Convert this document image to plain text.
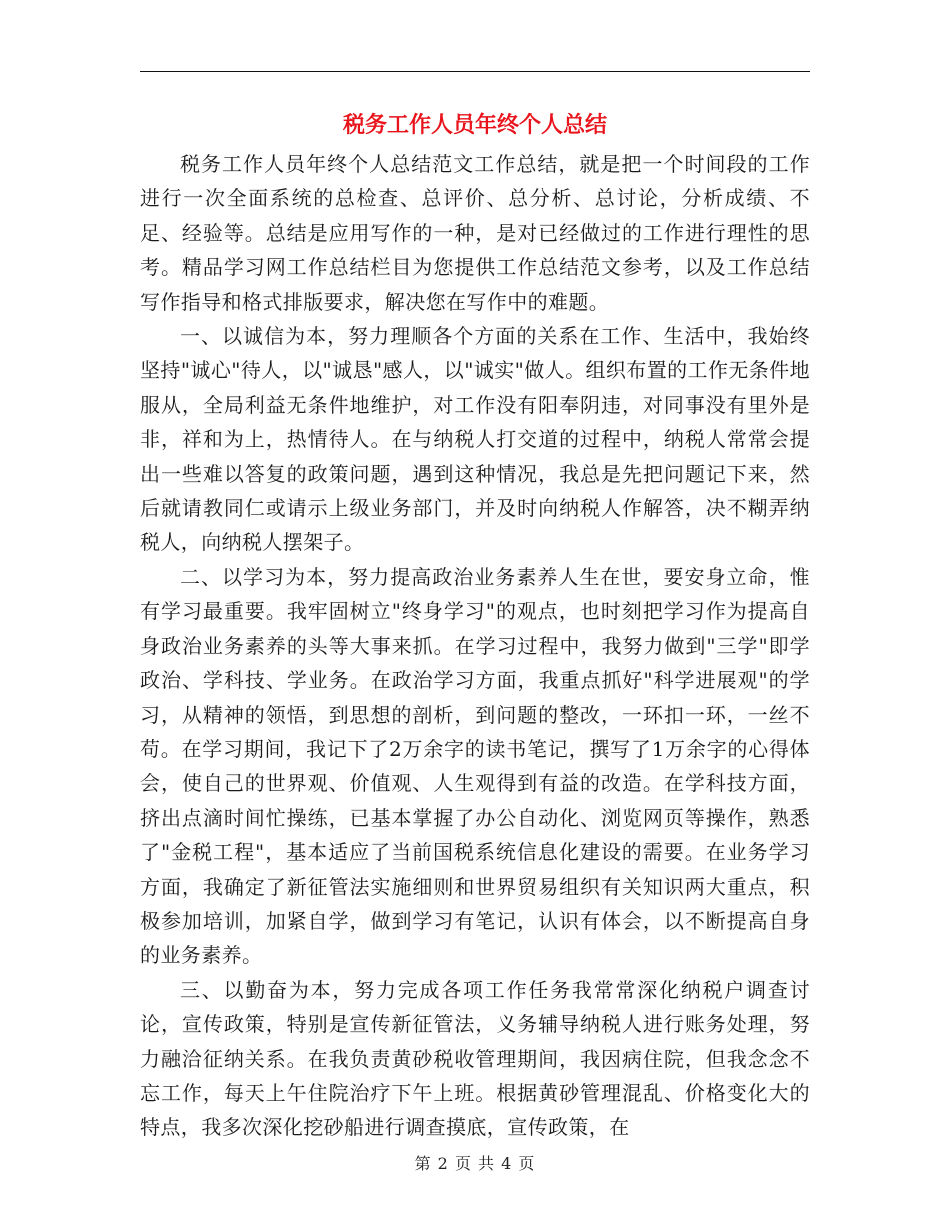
税务工作人员年终个人总结

税务工作人员年终个人总结范文工作总结，就是把一个时间段的工作进行一次全面系统的总检查、总评价、总分析、总讨论，分析成绩、不足、经验等。总结是应用写作的一种，是对已经做过的工作进行理性的思考。精品学习网工作总结栏目为您提供工作总结范文参考，以及工作总结写作指导和格式排版要求，解决您在写作中的难题。

一、以诚信为本，努力理顺各个方面的关系在工作、生活中，我始终坚持"诚心"待人，以"诚恳"感人，以"诚实"做人。组织布置的工作无条件地服从，全局利益无条件地维护，对工作没有阳奉阴违，对同事没有里外是非，祥和为上，热情待人。在与纳税人打交道的过程中，纳税人常常会提出一些难以答复的政策问题，遇到这种情况，我总是先把问题记下来，然后就请教同仁或请示上级业务部门，并及时向纳税人作解答，决不糊弄纳税人，向纳税人摆架子。

二、以学习为本，努力提高政治业务素养人生在世，要安身立命，惟有学习最重要。我牢固树立"终身学习"的观点，也时刻把学习作为提高自身政治业务素养的头等大事来抓。在学习过程中，我努力做到"三学"即学政治、学科技、学业务。在政治学习方面，我重点抓好"科学进展观"的学习，从精神的领悟，到思想的剖析，到问题的整改，一环扣一环，一丝不苟。在学习期间，我记下了2万余字的读书笔记，撰写了1万余字的心得体会，使自己的世界观、价值观、人生观得到有益的改造。在学科技方面，挤出点滴时间忙操练，已基本掌握了办公自动化、浏览网页等操作，熟悉了"金税工程"，基本适应了当前国税系统信息化建设的需要。在业务学习方面，我确定了新征管法实施细则和世界贸易组织有关知识两大重点，积极参加培训，加紧自学，做到学习有笔记，认识有体会，以不断提高自身的业务素养。

三、以勤奋为本，努力完成各项工作任务我常常深化纳税户调查讨论，宣传政策，特别是宣传新征管法，义务辅导纳税人进行账务处理，努力融洽征纳关系。在我负责黄砂税收管理期间，我因病住院，但我念念不忘工作，每天上午住院治疗下午上班。根据黄砂管理混乱、价格变化大的特点，我多次深化挖砂船进行调查摸底，宣传政策，在

第 2 页 共 4 页
